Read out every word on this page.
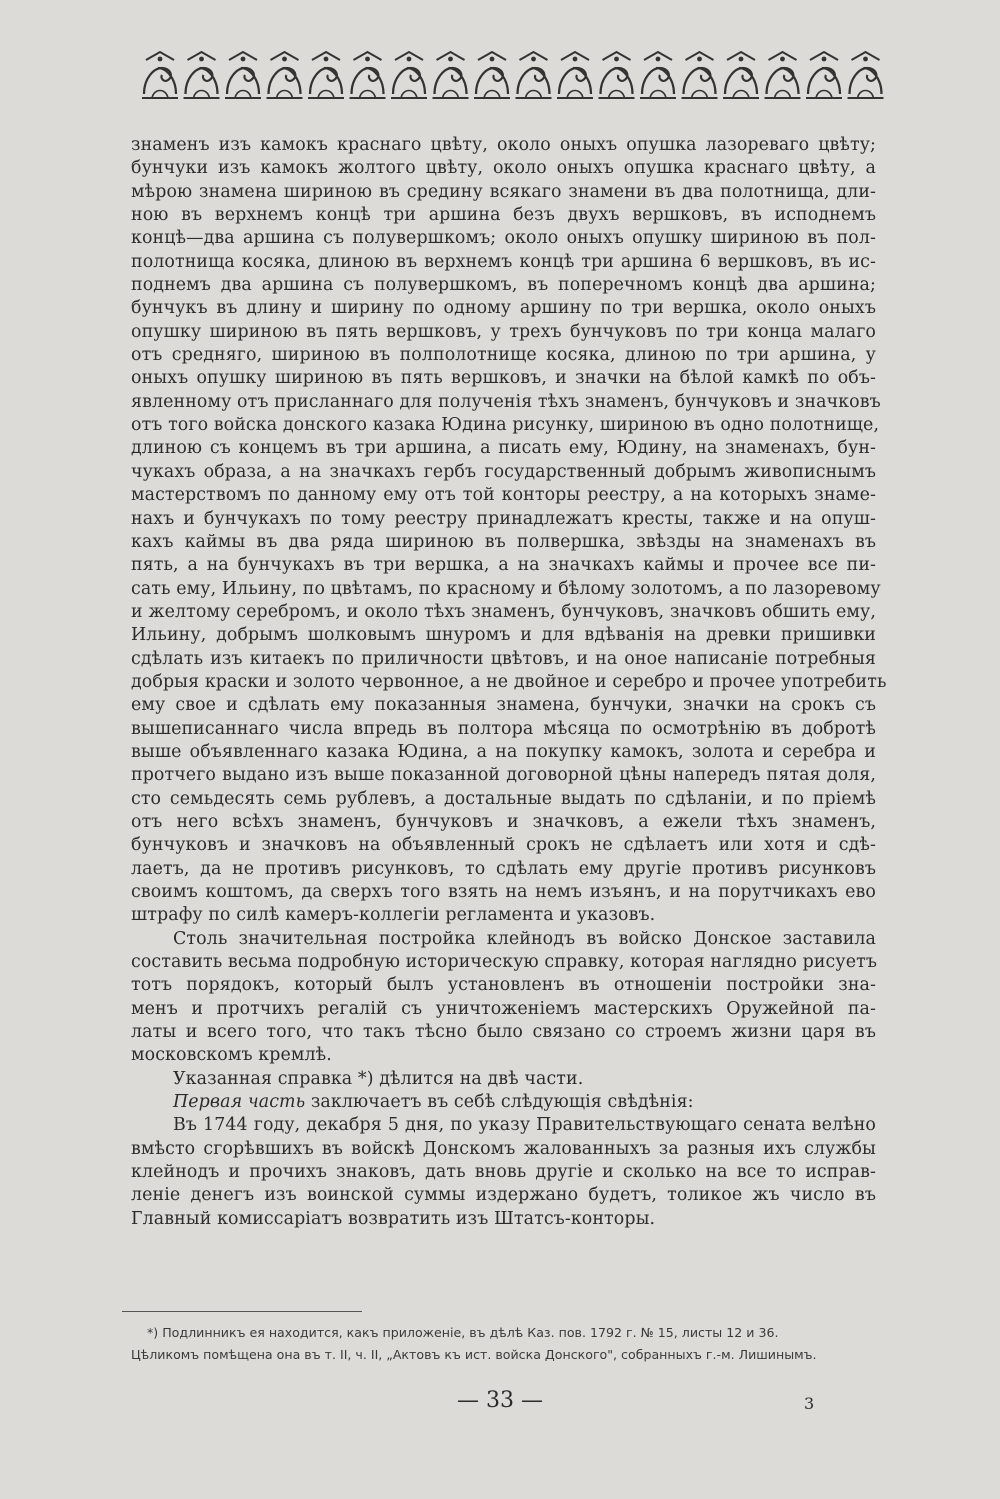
знаменъ изъ камокъ краснаго цвѣту, около оныхъ опушка лазореваго цвѣту;
бунчуки изъ камокъ жолтого цвѣту, около оныхъ опушка краснаго цвѣту, а
мѣрою знамена шириною въ средину всякаго знамени въ два полотнища, дли-
ною въ верхнемъ концѣ три аршина безъ двухъ вершковъ, въ исподнемъ
концѣ—два аршина съ полувершкомъ; около оныхъ опушку шириною въ пол-
полотнища косяка, длиною въ верхнемъ концѣ три аршина 6 вершковъ, въ ис-
поднемъ два аршина съ полувершкомъ, въ поперечномъ концѣ два аршина;
бунчукъ въ длину и ширину по одному аршину по три вершка, около оныхъ
опушку шириною въ пять вершковъ, у трехъ бунчуковъ по три конца малаго
отъ средняго, шириною въ полполотнище косяка, длиною по три аршина, у
оныхъ опушку шириною въ пять вершковъ, и значки на бѣлой камкѣ по объ-
явленному отъ присланнаго для полученія тѣхъ знаменъ, бунчуковъ и значковъ
отъ того войска донского казака Юдина рисунку, шириною въ одно полотнище,
длиною съ концемъ въ три аршина, а писать ему, Юдину, на знаменахъ, бун-
чукахъ образа, а на значкахъ гербъ государственный добрымъ живописнымъ
мастерствомъ по данному ему отъ той конторы реестру, а на которыхъ знаме-
нахъ и бунчукахъ по тому реестру принадлежатъ кресты, также и на опуш-
кахъ каймы въ два ряда шириною въ полвершка, звѣзды на знаменахъ въ
пять, а на бунчукахъ въ три вершка, а на значкахъ каймы и прочее все пи-
сать ему, Ильину, по цвѣтамъ, по красному и бѣлому золотомъ, а по лазоревому
и желтому серебромъ, и около тѣхъ знаменъ, бунчуковъ, значковъ обшить ему,
Ильину, добрымъ шолковымъ шнуромъ и для вдѣванія на древки пришивки
сдѣлать изъ китаекъ по приличности цвѣтовъ, и на оное написаніе потребныя
добрыя краски и золото червонное, а не двойное и серебро и прочее употребить
ему свое и сдѣлать ему показанныя знамена, бунчуки, значки на срокъ съ
вышеписаннаго числа впредь въ полтора мѣсяца по осмотрѣнію въ добротѣ
выше объявленнаго казака Юдина, а на покупку камокъ, золота и серебра и
протчего выдано изъ выше показанной договорной цѣны напередъ пятая доля,
сто семьдесять семь рублевъ, а достальные выдать по сдѣланіи, и по пріемѣ
отъ него всѣхъ знаменъ, бунчуковъ и значковъ, а ежели тѣхъ знаменъ,
бунчуковъ и значковъ на объявленный срокъ не сдѣлаетъ или хотя и сдѣ-
лаетъ, да не противъ рисунковъ, то сдѣлать ему другіе противъ рисунковъ
своимъ коштомъ, да сверхъ того взять на немъ изъянъ, и на порутчикахъ ево
штрафу по силѣ камеръ-коллегіи регламента и указовъ.

Столь значительная постройка клейнодъ въ войско Донское заставила
составить весьма подробную историческую справку, которая наглядно рисуетъ
тотъ порядокъ, который былъ установленъ въ отношеніи постройки зна-
менъ и протчихъ регалій съ уничтоженіемъ мастерскихъ Оружейной па-
латы и всего того, что такъ тѣсно было связано со строемъ жизни царя въ
московскомъ кремлѣ.

Указанная справка *) дѣлится на двѣ части.

Первая часть заключаетъ въ себѣ слѣдующія свѣдѣнія:

Въ 1744 году, декабря 5 дня, по указу Правительствующаго сената велѣно
вмѣсто сгорѣвшихъ въ войскѣ Донскомъ жалованныхъ за разныя ихъ службы
клейнодъ и прочихъ знаковъ, дать вновь другіе и сколько на все то исправ-
леніе денегъ изъ воинской суммы издержано будетъ, толикое жъ число въ
Главный комиссаріатъ возвратить изъ Штатсъ-конторы.

*) Подлинникъ ея находится, какъ приложеніе, въ дѣлѣ Каз. пов. 1792 г. № 15, листы 12 и 36.
Цѣликомъ помѣщена она въ т. II, ч. II, „Актовъ къ ист. войска Донского", собранныхъ г.-м. Лишинымъ.
— 33 —	3
